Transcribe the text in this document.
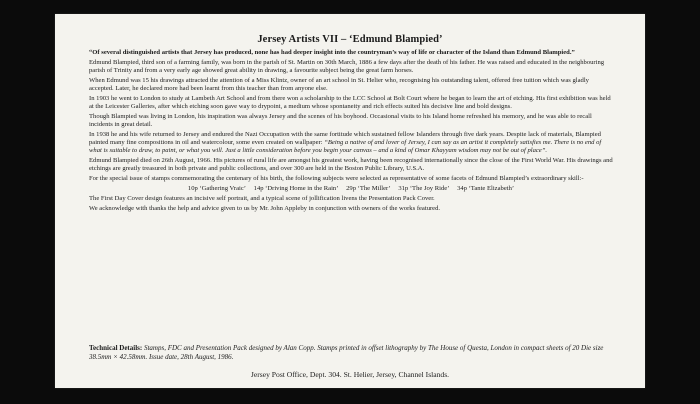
Jersey Artists VII – ‘Edmund Blampied’

“Of several distinguished artists that Jersey has produced, none has had deeper insight into the countryman’s way of life or character of the Island than Edmund Blampied.”

Edmund Blampied, third son of a farming family, was born in the parish of St. Martin on 30th March, 1886 a few days after the death of his father. He was raised and educated in the neighbouring parish of Trinity and from a very early age showed great ability in drawing, a favourite subject being the great farm horses.

When Edmund was 15 his drawings attracted the attention of a Miss Klintz, owner of an art school in St. Helier who, recognising his outstanding talent, offered free tuition which was gladly accepted. Later, he declared more had been learnt from this teacher than from anyone else.

In 1903 he went to London to study at Lambeth Art School and from there won a scholarship to the LCC School at Bolt Court where he began to learn the art of etching. His first exhibition was held at the Leicester Galleries, after which etching soon gave way to drypoint, a medium whose spontaneity and rich effects suited his decisive line and bold designs.

Though Blampied was living in London, his inspiration was always Jersey and the scenes of his boyhood. Occasional visits to his Island home refreshed his memory, and he was able to recall incidents in great detail.

In 1938 he and his wife returned to Jersey and endured the Nazi Occupation with the same fortitude which sustained fellow Islanders through five dark years. Despite lack of materials, Blampied painted many fine compositions in oil and watercolour, some even created on wallpaper: “Being a native of and lover of Jersey, I can say as an artist it completely satisfies me. There is no end of what is suitable to draw, to paint, or what you will. Just a little consideration before you begin your canvas – and a kind of Omar Khayyam wisdom may not be out of place”.

Edmund Blampied died on 26th August, 1966. His pictures of rural life are amongst his greatest work, having been recognised internationally since the close of the First World War. His drawings and etchings are greatly treasured in both private and public collections, and over 300 are held in the Boston Public Library, U.S.A.

For the special issue of stamps commemorating the centenary of his birth, the following subjects were selected as representative of some facets of Edmund Blampied’s extraordinary skill:-

10p ‘Gathering Vraic’ 14p ‘Driving Home in the Rain’ 29p ‘The Miller’ 31p ‘The Joy Ride’ 34p ‘Tante Elizabeth’

The First Day Cover design features an incisive self portrait, and a typical scene of jollification livens the Presentation Pack Cover.

We acknowledge with thanks the help and advice given to us by Mr. John Appleby in conjunction with owners of the works featured.

Technical Details: Stamps, FDC and Presentation Pack designed by Alan Copp. Stamps printed in offset lithography by The House of Questa, London in compact sheets of 20 Die size 38.5mm × 42.58mm. Issue date, 28th August, 1986.
Jersey Post Office, Dept. 304. St. Helier, Jersey, Channel Islands.
